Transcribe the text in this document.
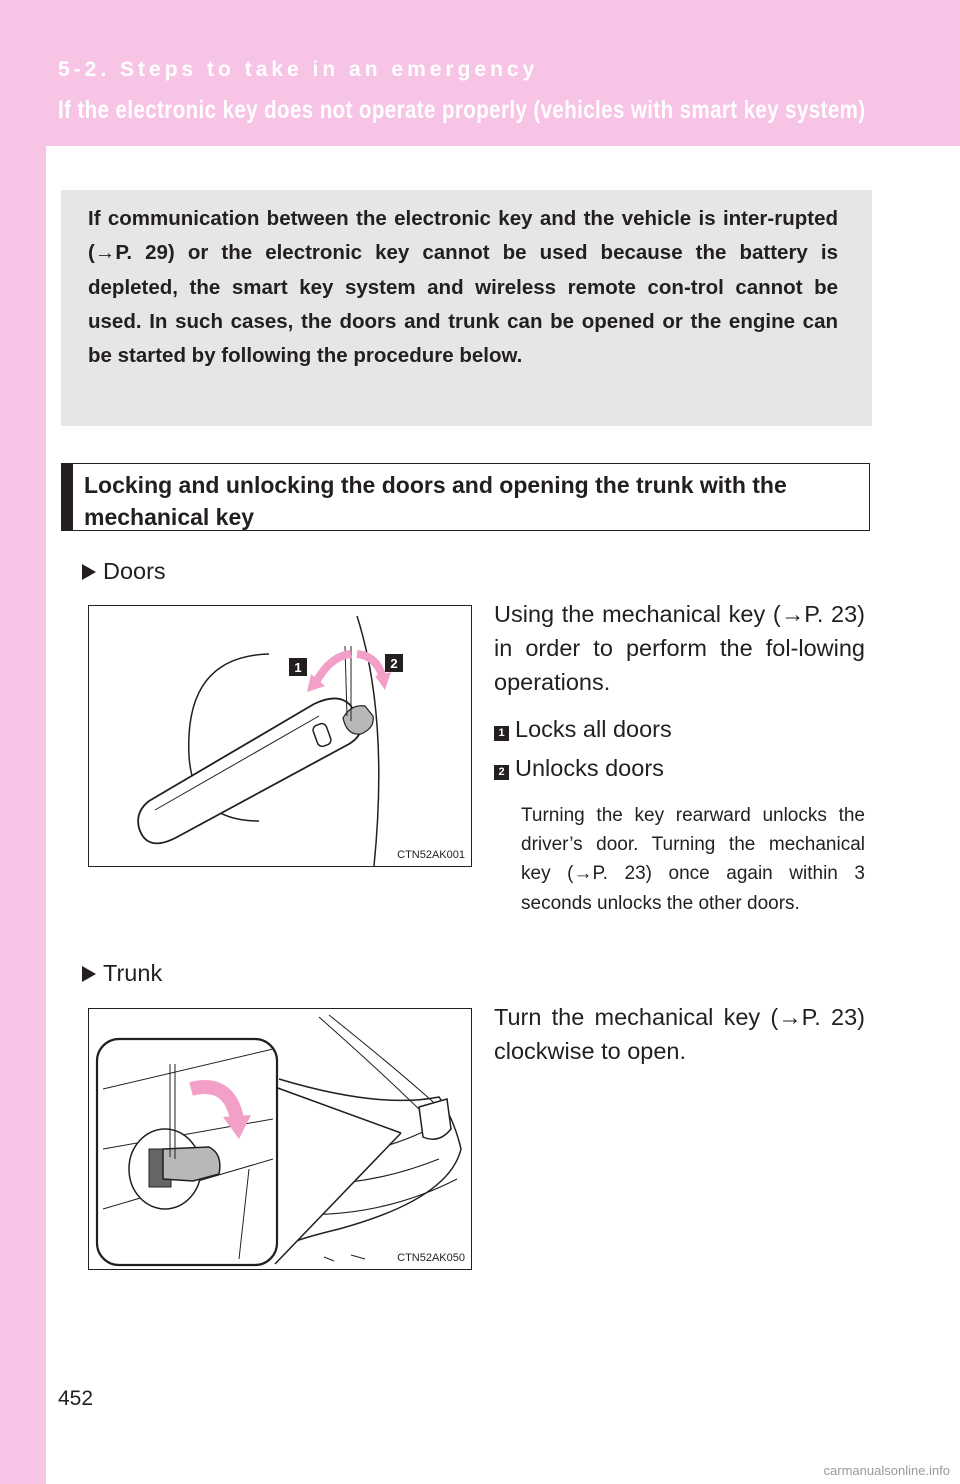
5-2. Steps to take in an emergency
If the electronic key does not operate properly (vehicles with smart key system)
If communication between the electronic key and the vehicle is inter-rupted (→P. 29) or the electronic key cannot be used because the battery is depleted, the smart key system and wireless remote con-trol cannot be used. In such cases, the doors and trunk can be opened or the engine can be started by following the procedure below.
Locking and unlocking the doors and opening the trunk with the mechanical key
Doors
1	2
CTN52AK001
Using the mechanical key (→P. 23) in order to perform the fol-lowing operations.
1 Locks all doors
2 Unlocks doors
Turning the key rearward unlocks the driver’s door. Turning the mechanical key (→P. 23) once again within 3 seconds unlocks the other doors.
Trunk
CTN52AK050
Turn the mechanical key (→P. 23) clockwise to open.
452
carmanualsonline.info
